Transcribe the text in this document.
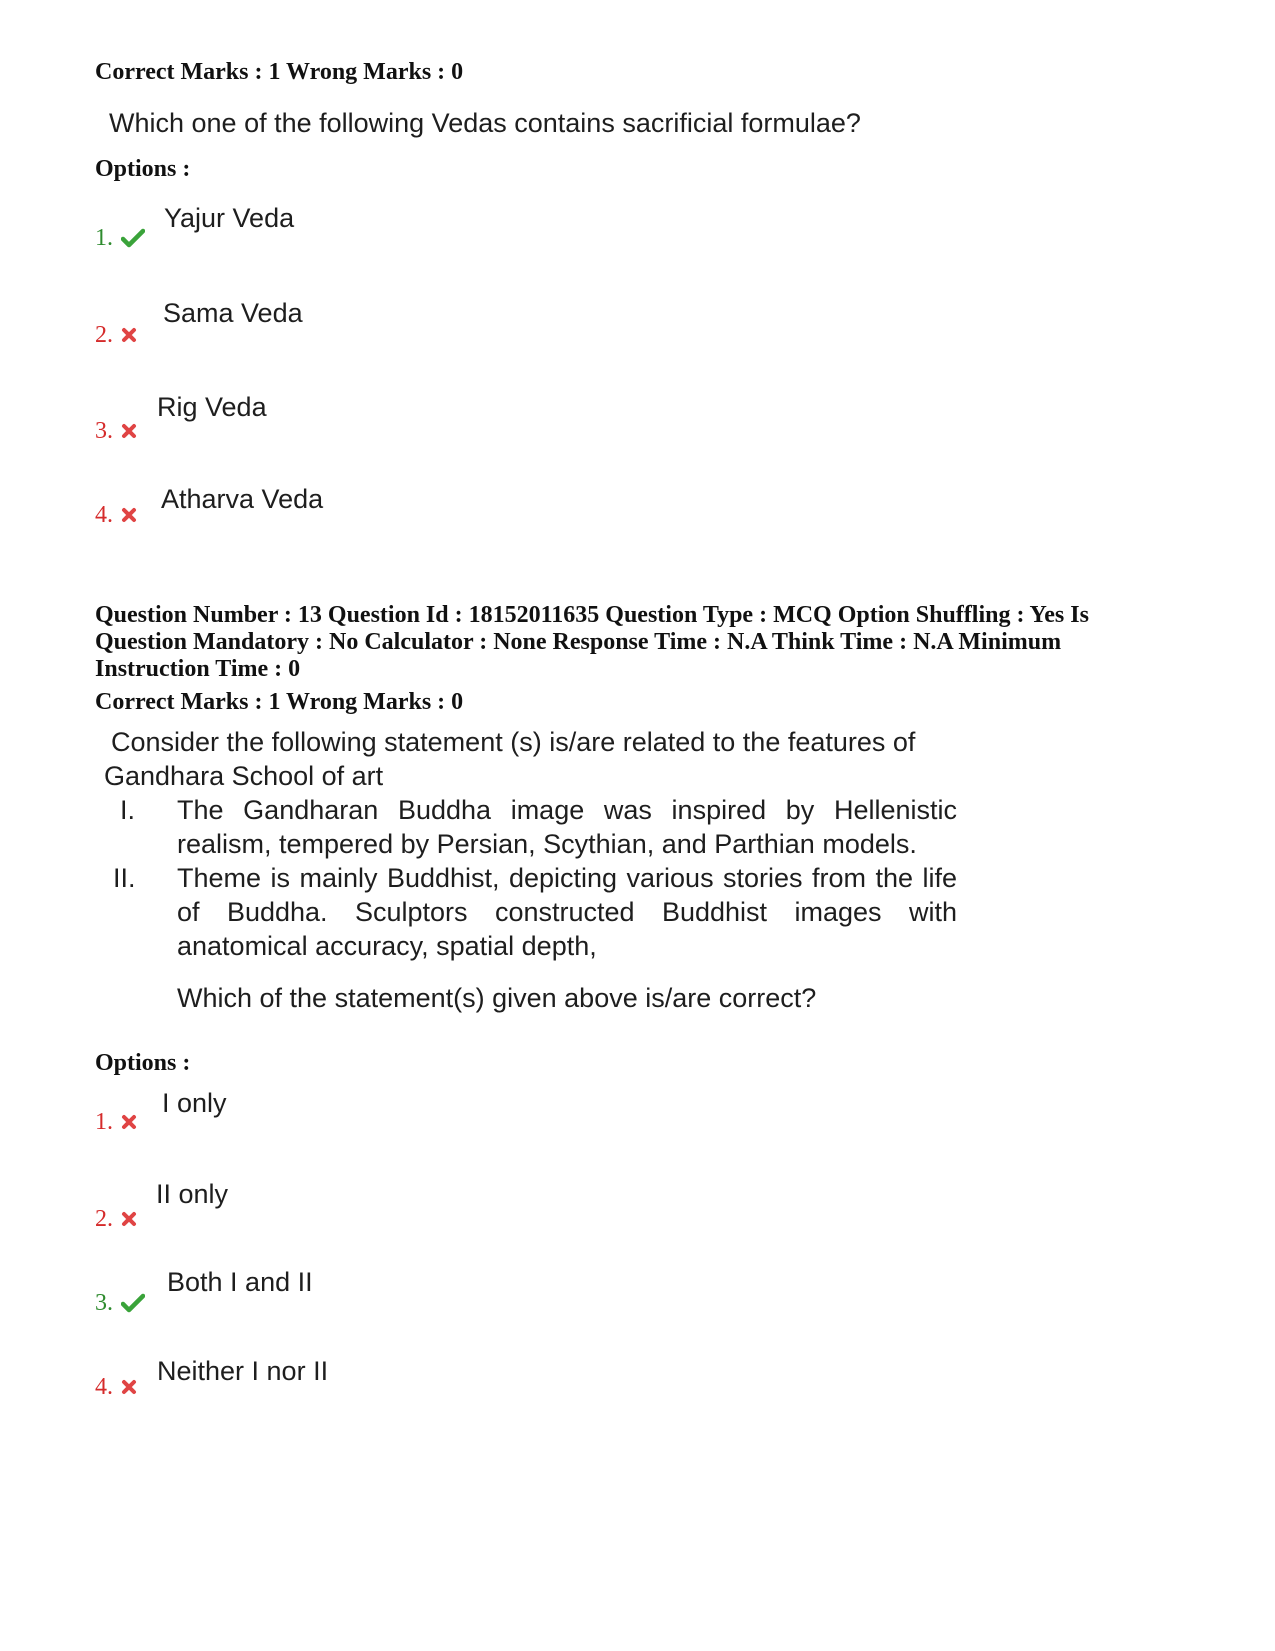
Correct Marks : 1 Wrong Marks : 0
Which one of the following Vedas contains sacrificial formulae?
Options :
1.
Yajur Veda
2.
Sama Veda
3.
Rig Veda
4.
Atharva Veda
Question Number : 13 Question Id : 18152011635 Question Type : MCQ Option Shuffling : Yes Is
Question Mandatory : No Calculator : None Response Time : N.A Think Time : N.A Minimum
Instruction Time : 0
Correct Marks : 1 Wrong Marks : 0
Consider the following statement (s) is/are related to the features of
Gandhara School of art
I.	The Gandharan Buddha image was inspired by Hellenistic
realism, tempered by Persian, Scythian, and Parthian models.
II.	Theme is mainly Buddhist, depicting various stories from the life
of Buddha. Sculptors constructed Buddhist images with
anatomical accuracy, spatial depth,
Which of the statement(s) given above is/are correct?
Options :
1.
I only
2.
II only
3.
Both I and II
4.
Neither I nor II
